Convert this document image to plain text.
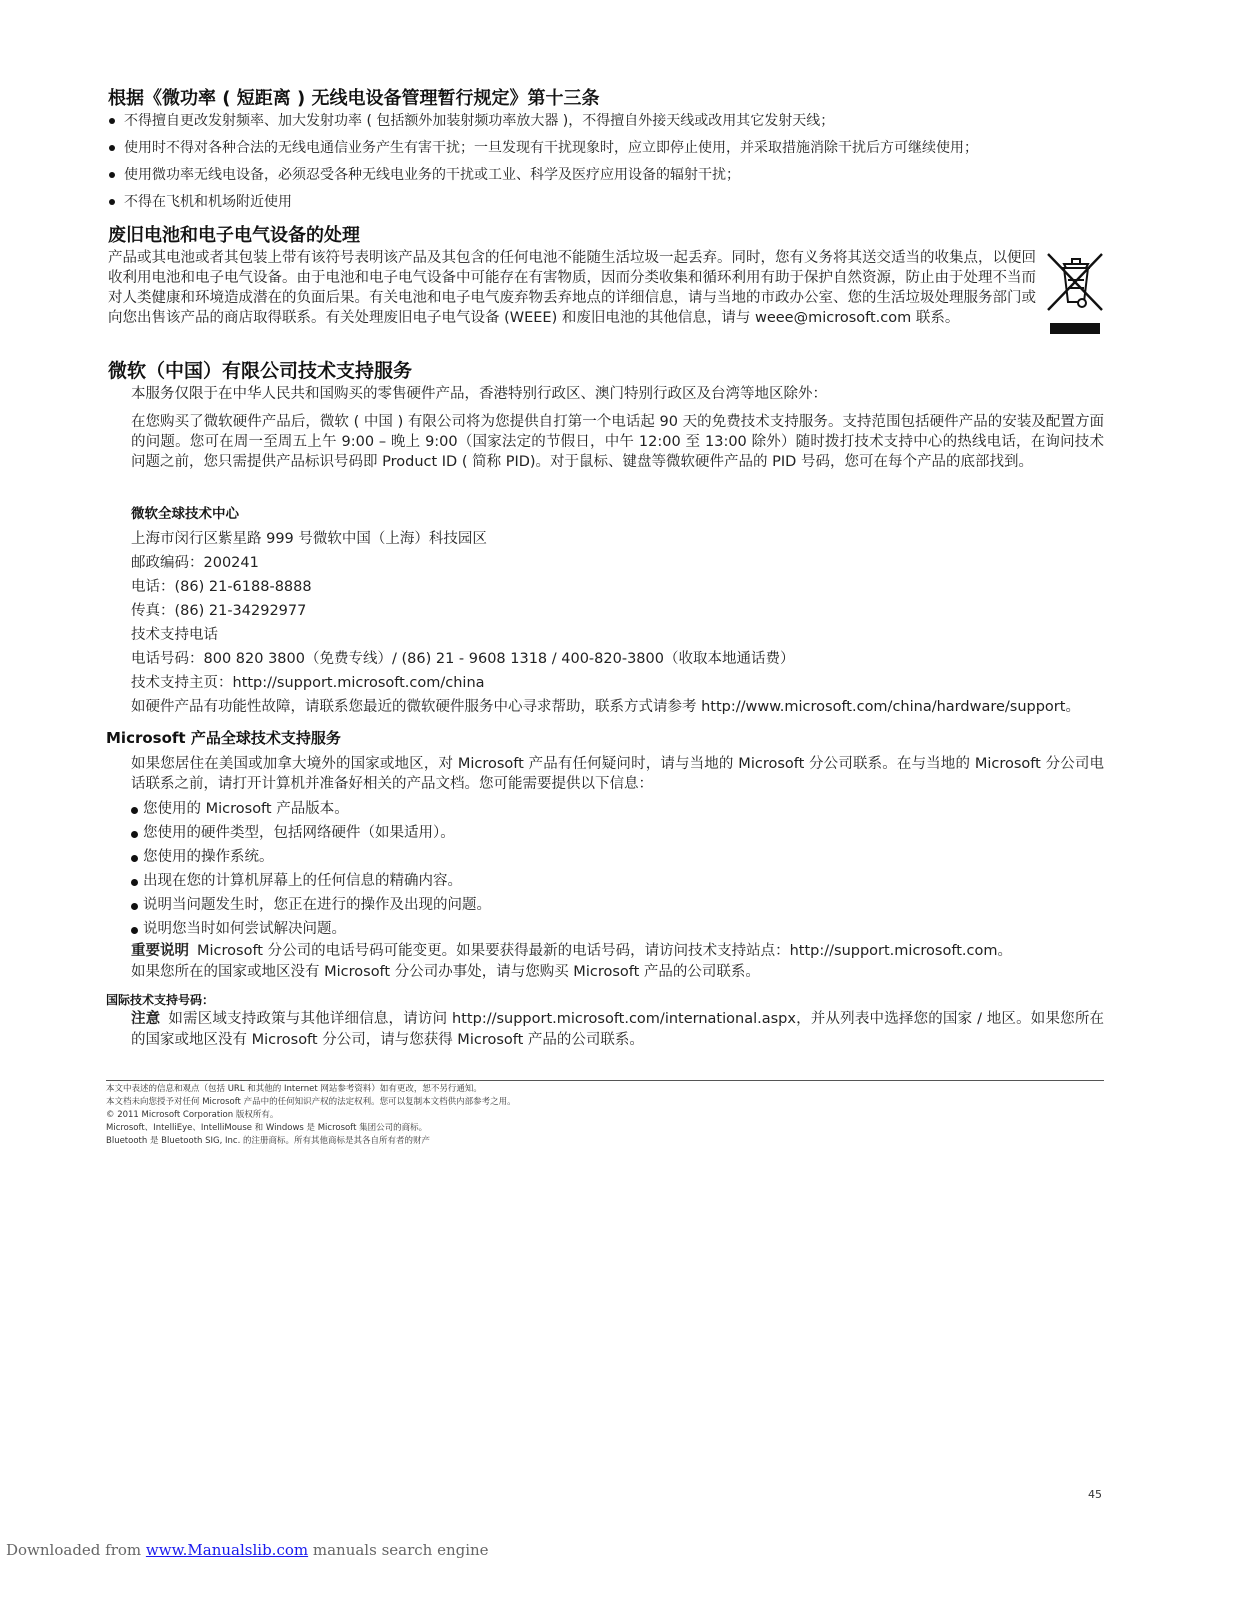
根据《微功率 ( 短距离 ) 无线电设备管理暂行规定》第十三条
不得擅自更改发射频率、加大发射功率 ( 包括额外加装射频功率放大器 )，不得擅自外接天线或改用其它发射天线；
使用时不得对各种合法的无线电通信业务产生有害干扰；一旦发现有干扰现象时，应立即停止使用，并采取措施消除干扰后方可继续使用；
使用微功率无线电设备，必须忍受各种无线电业务的干扰或工业、科学及医疗应用设备的辐射干扰；
不得在飞机和机场附近使用
废旧电池和电子电气设备的处理

产品或其电池或者其包装上带有该符号表明该产品及其包含的任何电池不能随生活垃圾一起丢弃。同时，您有义务将其送交适当的收集点，以便回收利用电池和电子电气设备。由于电池和电子电气设备中可能存在有害物质，因而分类收集和循环利用有助于保护自然资源，防止由于处理不当而对人类健康和环境造成潜在的负面后果。有关电池和电子电气废弃物丢弃地点的详细信息，请与当地的市政办公室、您的生活垃圾处理服务部门或向您出售该产品的商店取得联系。有关处理废旧电子电气设备 (WEEE) 和废旧电池的其他信息，请与 weee@microsoft.com 联系。

微软（中国）有限公司技术支持服务

本服务仅限于在中华人民共和国购买的零售硬件产品，香港特别行政区、澳门特别行政区及台湾等地区除外：

在您购买了微软硬件产品后，微软 ( 中国 ) 有限公司将为您提供自打第一个电话起 90 天的免费技术支持服务。支持范围包括硬件产品的安装及配置方面的问题。您可在周一至周五上午 9:00 – 晚上 9:00（国家法定的节假日，中午 12:00 至 13:00 除外）随时拨打技术支持中心的热线电话，在询问技术问题之前，您只需提供产品标识号码即 Product ID ( 简称 PID)。对于鼠标、键盘等微软硬件产品的 PID 号码，您可在每个产品的底部找到。

微软全球技术中心

上海市闵行区紫星路 999 号微软中国（上海）科技园区

邮政编码：200241

电话：(86) 21-6188-8888

传真：(86) 21-34292977

技术支持电话

电话号码：800 820 3800（免费专线）/ (86) 21 - 9608 1318 / 400-820-3800（收取本地通话费）

技术支持主页：http://support.microsoft.com/china

如硬件产品有功能性故障，请联系您最近的微软硬件服务中心寻求帮助，联系方式请参考 http://www.microsoft.com/china/hardware/support。

Microsoft 产品全球技术支持服务

如果您居住在美国或加拿大境外的国家或地区，对 Microsoft 产品有任何疑问时，请与当地的 Microsoft 分公司联系。在与当地的 Microsoft 分公司电话联系之前，请打开计算机并准备好相关的产品文档。您可能需要提供以下信息：

您使用的 Microsoft 产品版本。
您使用的硬件类型，包括网络硬件（如果适用）。
您使用的操作系统。
出现在您的计算机屏幕上的任何信息的精确内容。
说明当问题发生时，您正在进行的操作及出现的问题。
说明您当时如何尝试解决问题。

重要说明 Microsoft 分公司的电话号码可能变更。如果要获得最新的电话号码，请访问技术支持站点：http://support.microsoft.com。

如果您所在的国家或地区没有 Microsoft 分公司办事处，请与您购买 Microsoft 产品的公司联系。

国际技术支持号码：

注意 如需区域支持政策与其他详细信息，请访问 http://support.microsoft.com/international.aspx，并从列表中选择您的国家 / 地区。如果您所在的国家或地区没有 Microsoft 分公司，请与您获得 Microsoft 产品的公司联系。

本文中表述的信息和观点（包括 URL 和其他的 Internet 网站参考资料）如有更改，恕不另行通知。

本文档未向您授予对任何 Microsoft 产品中的任何知识产权的法定权利。您可以复制本文档供内部参考之用。

© 2011 Microsoft Corporation 版权所有。

Microsoft、IntelliEye、IntelliMouse 和 Windows 是 Microsoft 集团公司的商标。

Bluetooth 是 Bluetooth SIG, Inc. 的注册商标。所有其他商标是其各自所有者的财产

45
Downloaded from www.Manualslib.com manuals search engine
